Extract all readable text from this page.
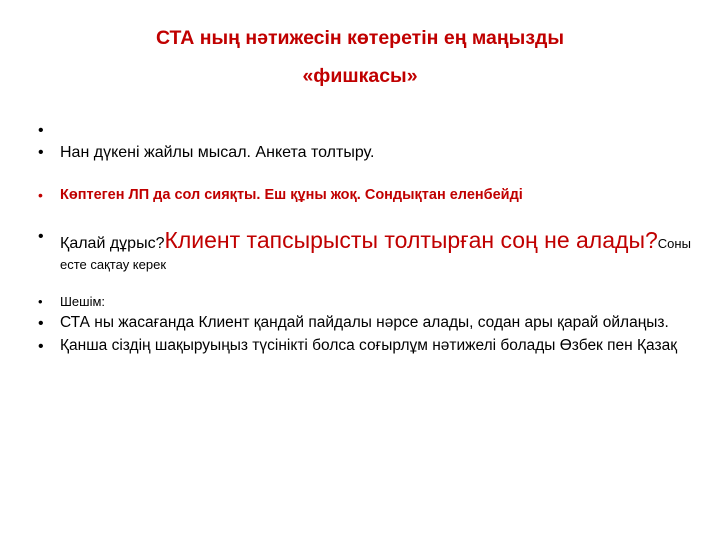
СТА ның нәтижесін көтеретін ең маңызды
«фишкасы»
•
•	Нан дүкені жайлы мысал. Анкета толтыру.
•	Көптеген ЛП да сол сияқты. Еш құны жоқ. Сондықтан еленбейді
•	Қалай дұрыс?Клиент тапсырысты толтырған соң не алады?Соны есте сақтау керек
•	Шешім:
•	СТА ны жасағанда Клиент қандай пайдалы нәрсе алады, содан ары қарай ойлаңыз.
•	Қанша сіздің шақыруыңыз түсінікті болса соғырлұм нәтижелі болады Өзбек пен Қазақ
